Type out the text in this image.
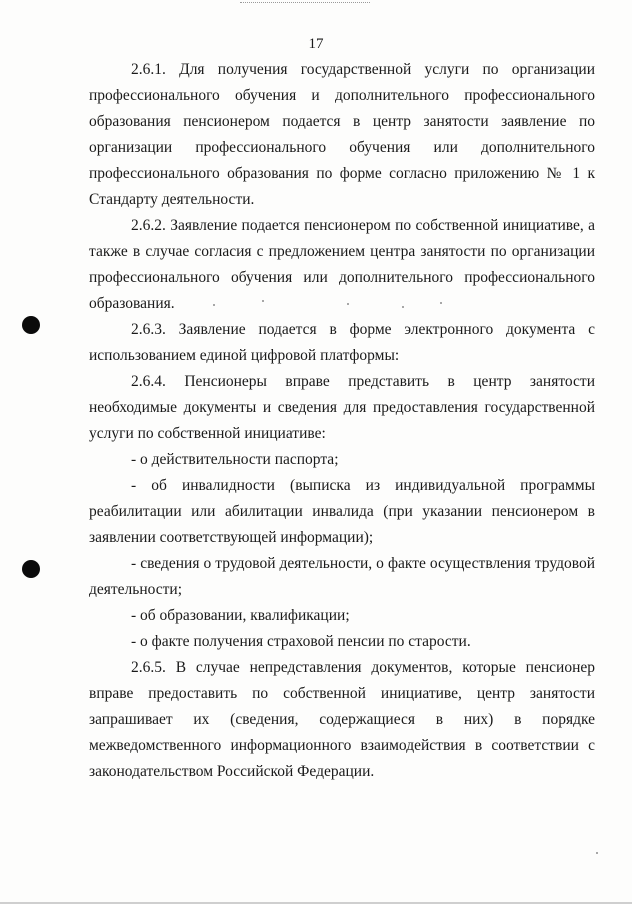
17

2.6.1. Для получения государственной услуги по организации профессионального обучения и дополнительного профессионального образования пенсионером подается в центр занятости заявление по организации профессионального обучения или дополнительного профессионального образования по форме согласно приложению № 1 к Стандарту деятельности.

2.6.2. Заявление подается пенсионером по собственной инициативе, а также в случае согласия с предложением центра занятости по организации профессионального обучения или дополнительного профессионального образования.

2.6.3. Заявление подается в форме электронного документа с использованием единой цифровой платформы:

2.6.4. Пенсионеры вправе представить в центр занятости необходимые документы и сведения для предоставления государственной услуги по собственной инициативе:

- о действительности паспорта;

- об инвалидности (выписка из индивидуальной программы реабилитации или абилитации инвалида (при указании пенсионером в заявлении соответствующей информации);

- сведения о трудовой деятельности, о факте осуществления трудовой деятельности;

- об образовании, квалификации;

- о факте получения страховой пенсии по старости.

2.6.5. В случае непредставления документов, которые пенсионер вправе предоставить по собственной инициативе, центр занятости запрашивает их (сведения, содержащиеся в них) в порядке межведомственного информационного взаимодействия в соответствии с законодательством Российской Федерации.
